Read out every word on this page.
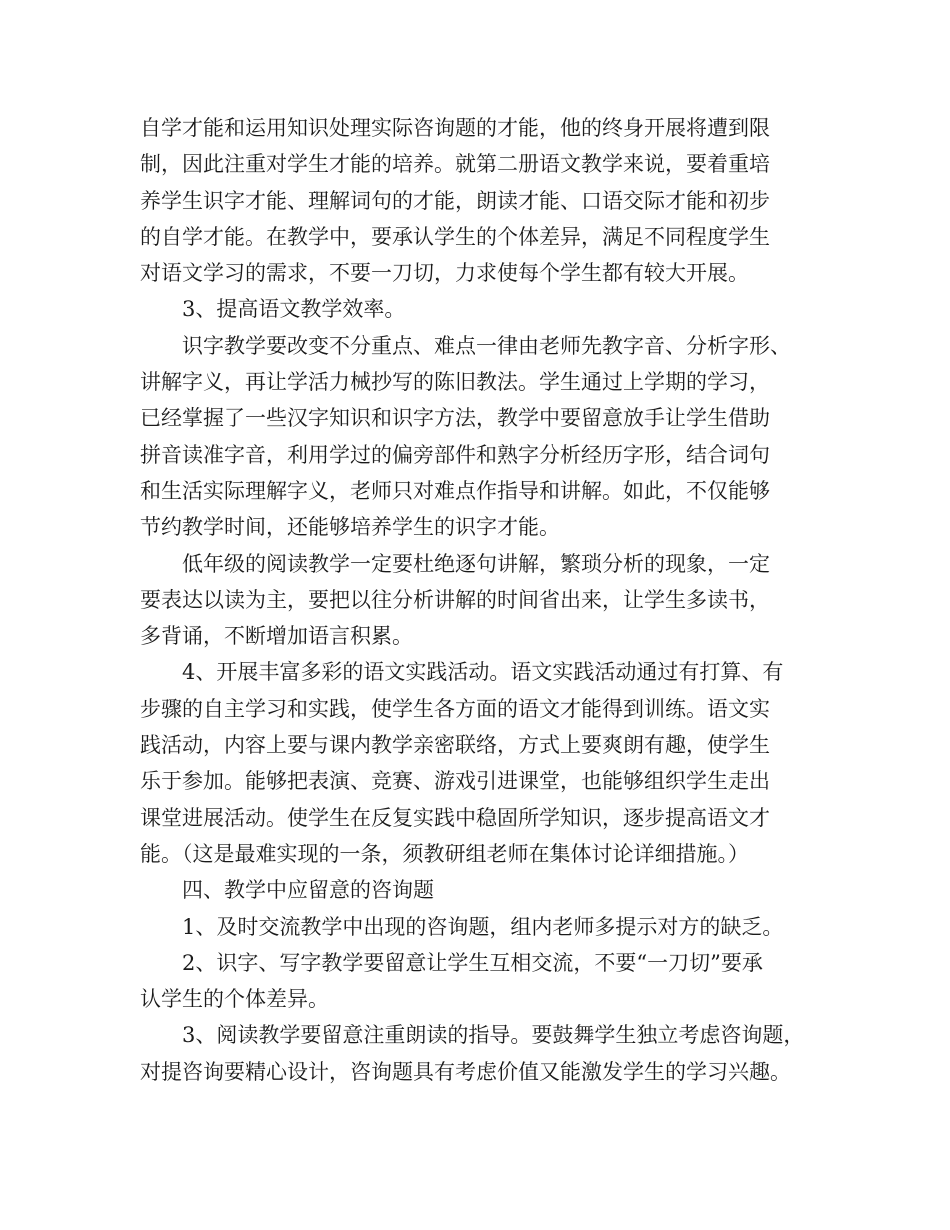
自学才能和运用知识处理实际咨询题的才能，他的终身开展将遭到限
制，因此注重对学生才能的培养。就第二册语文教学来说，要着重培
养学生识字才能、理解词句的才能，朗读才能、口语交际才能和初步
的自学才能。在教学中，要承认学生的个体差异，满足不同程度学生
对语文学习的需求，不要一刀切，力求使每个学生都有较大开展。
　　3、提高语文教学效率。
　　识字教学要改变不分重点、难点一律由老师先教字音、分析字形、
讲解字义，再让学活力械抄写的陈旧教法。学生通过上学期的学习，
已经掌握了一些汉字知识和识字方法，教学中要留意放手让学生借助
拼音读准字音，利用学过的偏旁部件和熟字分析经历字形，结合词句
和生活实际理解字义，老师只对难点作指导和讲解。如此，不仅能够
节约教学时间，还能够培养学生的识字才能。
　　低年级的阅读教学一定要杜绝逐句讲解，繁琐分析的现象，一定
要表达以读为主，要把以往分析讲解的时间省出来，让学生多读书，
多背诵，不断增加语言积累。
　　4、开展丰富多彩的语文实践活动。语文实践活动通过有打算、有
步骤的自主学习和实践，使学生各方面的语文才能得到训练。语文实
践活动，内容上要与课内教学亲密联络，方式上要爽朗有趣，使学生
乐于参加。能够把表演、竞赛、游戏引进课堂，也能够组织学生走出
课堂进展活动。使学生在反复实践中稳固所学知识，逐步提高语文才
能。（这是最难实现的一条，须教研组老师在集体讨论详细措施。）
　　四、教学中应留意的咨询题
　　1、及时交流教学中出现的咨询题，组内老师多提示对方的缺乏。
　　2、识字、写字教学要留意让学生互相交流，不要“一刀切”要承
认学生的个体差异。
　　3、阅读教学要留意注重朗读的指导。要鼓舞学生独立考虑咨询题，
对提咨询要精心设计，咨询题具有考虑价值又能激发学生的学习兴趣。
